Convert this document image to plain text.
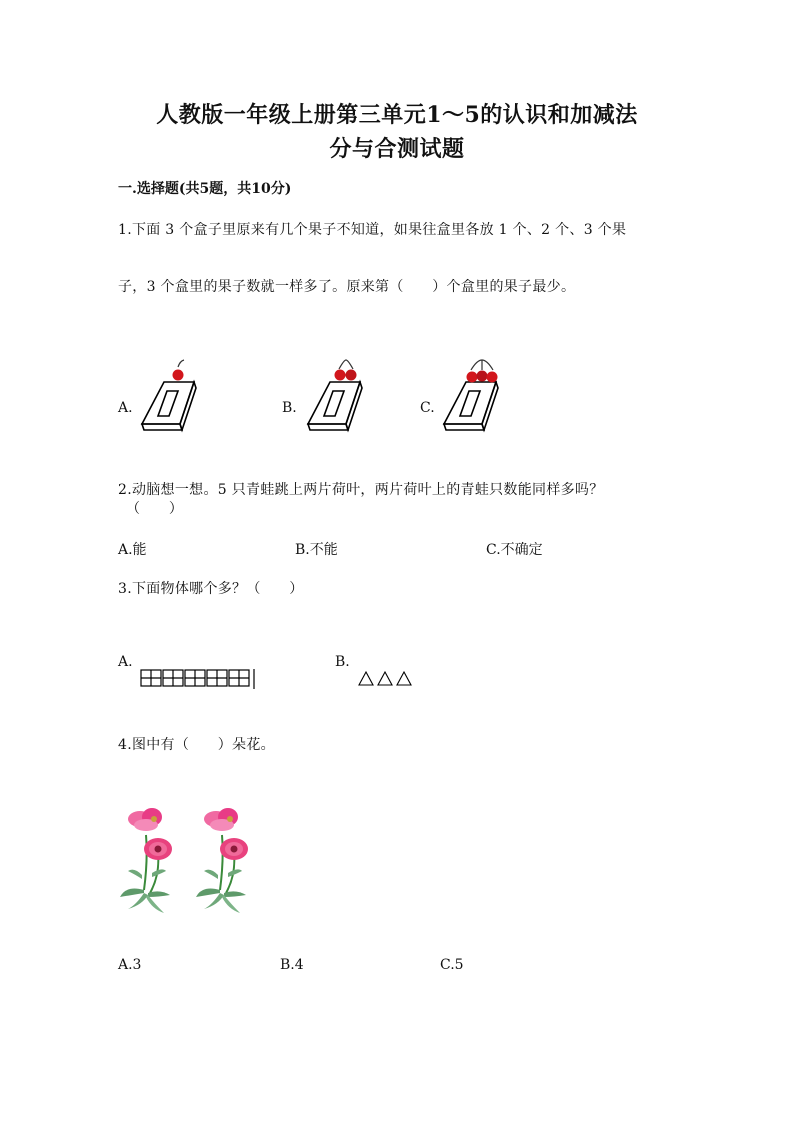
人教版一年级上册第三单元1～5的认识和加减法
分与合测试题
一.选择题(共5题，共10分)
1.下面 3 个盒子里原来有几个果子不知道，如果往盒里各放 1 个、2 个、3 个果
子，3 个盒里的果子数就一样多了。原来第（　　）个盒里的果子最少。
A.	B.	C.
2.动脑想一想。5 只青蛙跳上两片荷叶，两片荷叶上的青蛙只数能同样多吗？
（　　）
A.能	B.不能	C.不确定
3.下面物体哪个多？（　　）
A.	B.
4.图中有（　　）朵花。
A.3	B.4	C.5
